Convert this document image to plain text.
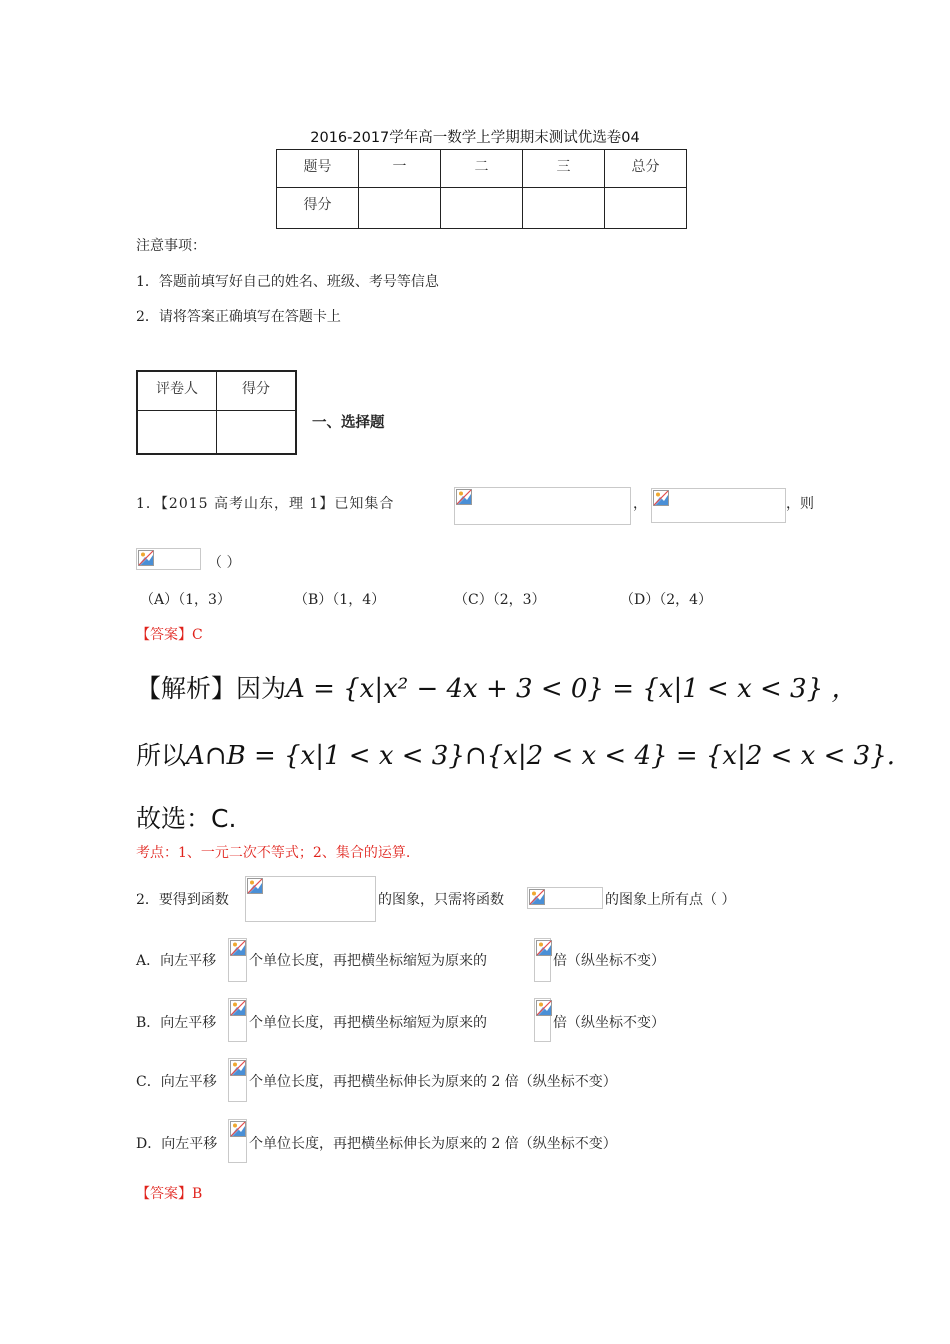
2016-2017学年高一数学上学期期末测试优选卷04
题号	一	二	三	总分
得分				
注意事项：
1．答题前填写好自己的姓名、班级、考号等信息
2．请将答案正确填写在答题卡上
评卷人	得分

一、选择题
1．【2015 高考山东，理 1】已知集合	，	，则
（ ）
（A）（1，3）	（B）（1，4）	（C）（2，3）	（D）（2，4）
【答案】C
【解析】因为A = {x|x² − 4x + 3 < 0} = {x|1 < x < 3} ，
所以A∩B = {x|1 < x < 3}∩{x|2 < x < 4} = {x|2 < x < 3}.
故选：C.
考点：1、一元二次不等式；2、集合的运算.
2．要得到函数	的图象，只需将函数	的图象上所有点（ ）
A．向左平移 个单位长度，再把横坐标缩短为原来的	倍（纵坐标不变）
B．向左平移 个单位长度，再把横坐标缩短为原来的	倍（纵坐标不变）
C．向左平移 个单位长度，再把横坐标伸长为原来的 2 倍（纵坐标不变）
D．向左平移 个单位长度，再把横坐标伸长为原来的 2 倍（纵坐标不变）
【答案】B
